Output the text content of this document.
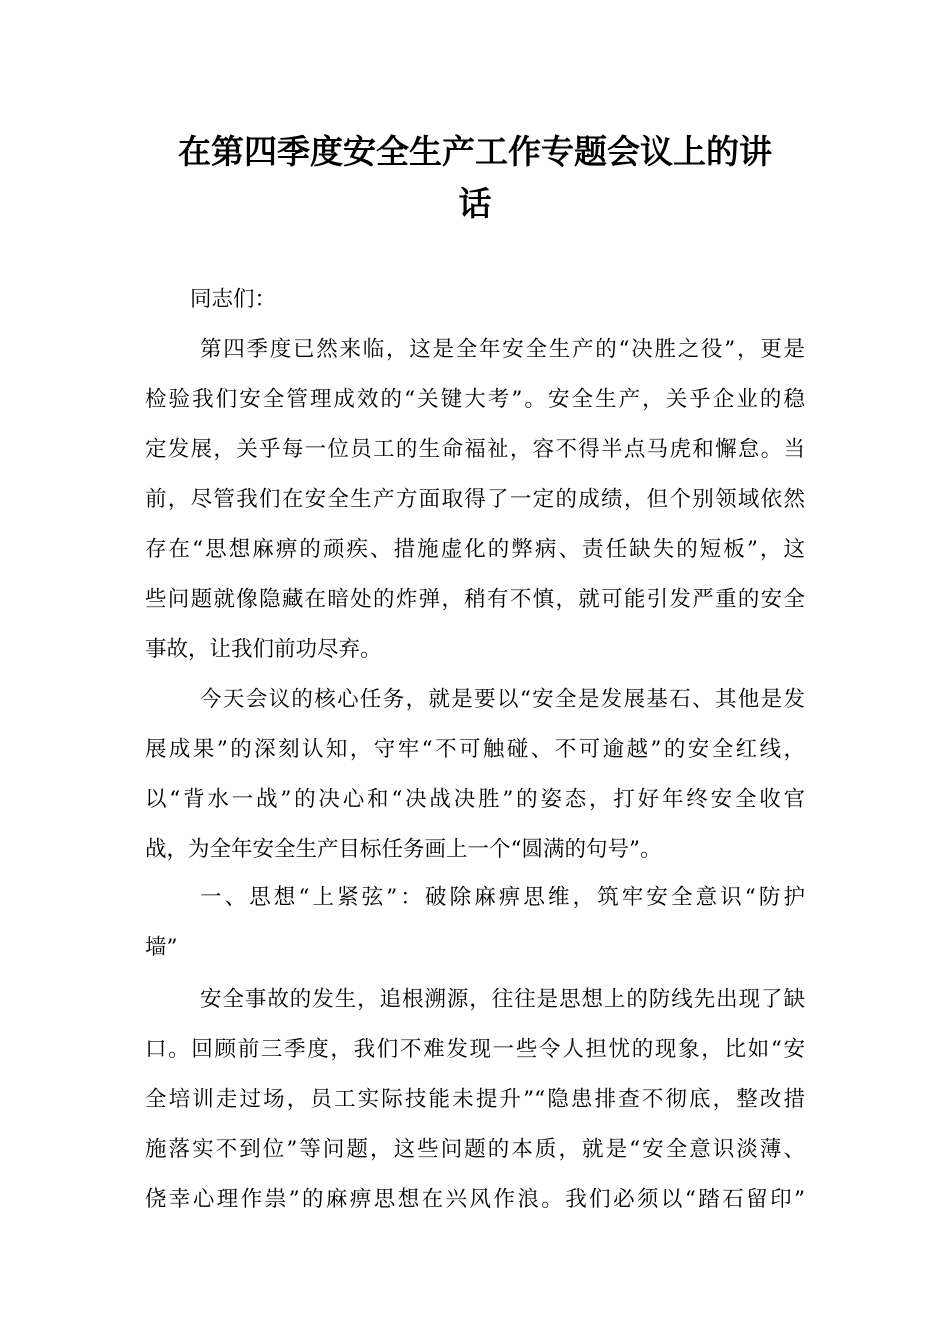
在第四季度安全生产工作专题会议上的讲
话
同志们：
第四季度已然来临，这是全年安全生产的“决胜之役”，更是
检验我们安全管理成效的“关键大考”。安全生产，关乎企业的稳
定发展，关乎每一位员工的生命福祉，容不得半点马虎和懈怠。当
前，尽管我们在安全生产方面取得了一定的成绩，但个别领域依然
存在“思想麻痹的顽疾、措施虚化的弊病、责任缺失的短板”，这
些问题就像隐藏在暗处的炸弹，稍有不慎，就可能引发严重的安全
事故，让我们前功尽弃。
今天会议的核心任务，就是要以“安全是发展基石、其他是发
展成果”的深刻认知，守牢“不可触碰、不可逾越”的安全红线，
以“背水一战”的决心和“决战决胜”的姿态，打好年终安全收官
战，为全年安全生产目标任务画上一个“圆满的句号”。
一、思想“上紧弦”：破除麻痹思维，筑牢安全意识“防护
墙”
安全事故的发生，追根溯源，往往是思想上的防线先出现了缺
口。回顾前三季度，我们不难发现一些令人担忧的现象，比如“安
全培训走过场，员工实际技能未提升”“隐患排查不彻底，整改措
施落实不到位”等问题，这些问题的本质，就是“安全意识淡薄、
侥幸心理作祟”的麻痹思想在兴风作浪。我们必须以“踏石留印”
